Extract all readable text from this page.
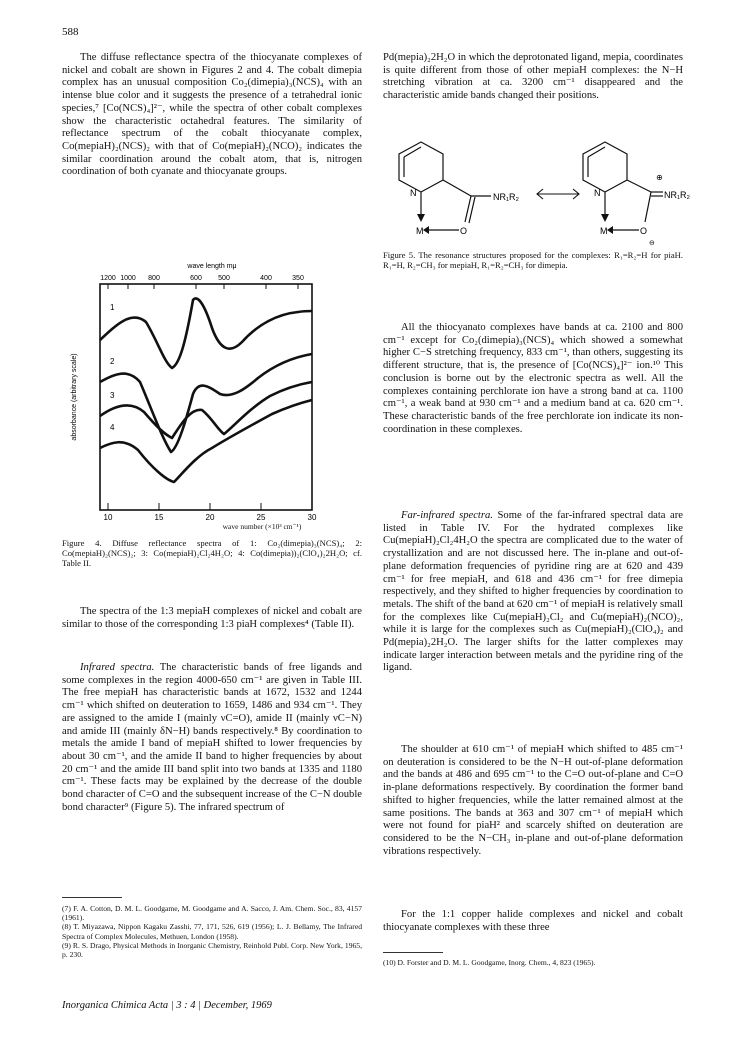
588

The diffuse reflectance spectra of the thiocyanate complexes of nickel and cobalt are shown in Figures 2 and 4. The cobalt dimepia complex has an unusual composition Co₂(dimepia)₃(NCS)₄ with an intense blue color and it suggests the presence of a tetrahedral ionic species,⁷ [Co(NCS)₄]²⁻, while the spectra of other cobalt complexes show the characteristic octahedral features. The similarity of reflectance spectrum of the cobalt thiocyanate complex, Co(mepiaH)₂(NCS)₂ with that of Co(mepiaH)₂(NCO)₂ indicates the similar coordination around the cobalt atom, that is, nitrogen coordination of both cyanate and thiocyanate groups.

wave length mμ
1200 1000 800	600 500	400	350
absorbance (arbitrary scale)
1
2
3
4
10	15	20	25	30
wave number (×10³ cm⁻¹)
Figure 4. Diffuse reflectance spectra of 1: Co₂(dimepia)₃(NCS)₄; 2: Co(mepiaH)₂(NCS)₂; 3: Co(mepiaH)₂Cl₂4H₂O; 4: Co(dimepia))₂(ClO₄)₂2H₂O; cf. Table II.

The spectra of the 1:3 mepiaH complexes of nickel and cobalt are similar to those of the corresponding 1:3 piaH complexes⁴ (Table II).

Infrared spectra. The characteristic bands of free ligands and some complexes in the region 4000-650 cm⁻¹ are given in Table III. The free mepiaH has characteristic bands at 1672, 1532 and 1244 cm⁻¹ which shifted on deuteration to 1659, 1486 and 934 cm⁻¹. They are assigned to the amide I (mainly νC=O), amide II (mainly νC−N) and amide III (mainly δN−H) bands respectively.⁸ By coordination to metals the amide I band of mepiaH shifted to lower frequencies by about 30 cm⁻¹, and the amide II band to higher frequencies by about 20 cm⁻¹ and the amide III band split into two bands at 1335 and 1180 cm⁻¹. These facts may be explained by the decrease of the double bond character of C=O and the subsequent increase of the C−N double bond character⁹ (Figure 5). The infrared spectrum of

(7) F. A. Cotton, D. M. L. Goodgame, M. Goodgame and A. Sacco, J. Am. Chem. Soc., 83, 4157 (1961).

(8) T. Miyazawa, Nippon Kagaku Zasshi, 77, 171, 526, 619 (1956); L. J. Bellamy, The Infrared Spectra of Complex Molecules, Methuen, London (1958).

(9) R. S. Drago, Physical Methods in Inorganic Chemistry, Reinhold Publ. Corp. New York, 1965, p. 230.

Pd(mepia)₂2H₂O in which the deprotonated ligand, mepia, coordinates is quite different from those of other mepiaH complexes: the N−H stretching vibration at ca. 3200 cm⁻¹ disappeared and the characteristic amide bands changed their positions.

N	NR₁R₂
M	O
N
⊕
NR₁R₂
M	O
⊖
Figure 5. The resonance structures proposed for the complexes: R₁=R₂=H for piaH. R₁=H, R₂=CH₃ for mepiaH, R₁=R₂=CH₃ for dimepia.

All the thiocyanato complexes have bands at ca. 2100 and 800 cm⁻¹ except for Co₂(dimepia)₃(NCS)₄ which showed a somewhat higher C−S stretching frequency, 833 cm⁻¹, than others, suggesting its different structure, that is, the presence of [Co(NCS)₄]²⁻ ion.¹⁰ This conclusion is borne out by the electronic spectra as well. All the complexes containing perchlorate ion have a strong band at ca. 1100 cm⁻¹, a weak band at 930 cm⁻¹ and a medium band at ca. 620 cm⁻¹. These characteristic bands of the free perchlorate ion indicate its non-coordination in these complexes.

Far-infrared spectra. Some of the far-infrared spectral data are listed in Table IV. For the hydrated complexes like Cu(mepiaH)₂Cl₂4H₂O the spectra are complicated due to the water of crystallization and are not discussed here. The in-plane and out-of-plane deformation frequencies of pyridine ring are at 620 and 439 cm⁻¹ for free mepiaH, and 618 and 436 cm⁻¹ for free dimepia respectively, and they shifted to higher frequencies by coordination to metals. The shift of the band at 620 cm⁻¹ of mepiaH is relatively small for the complexes like Cu(mepiaH)₂Cl₂ and Cu(mepiaH)₂(NCO)₂, while it is large for the complexes such as Cu(mepiaH)₂(ClO₄)₂ and Pd(mepia)₂2H₂O. The larger shifts for the latter complexes may indicate larger interaction between metals and the pyridine ring of the ligand.

The shoulder at 610 cm⁻¹ of mepiaH which shifted to 485 cm⁻¹ on deuteration is considered to be the N−H out-of-plane deformation and the bands at 486 and 695 cm⁻¹ to the C=O out-of-plane and C=O in-plane deformations respectively. By coordination the former band shifted to higher frequencies, while the latter remained almost at the same positions. The bands at 363 and 307 cm⁻¹ of mepiaH which were not found for piaH² and scarcely shifted on deuteration are considered to be the N−CH₃ in-plane and out-of-plane deformation vibrations respectively.

For the 1:1 copper halide complexes and nickel and cobalt thiocyanate complexes with these three

(10) D. Forster and D. M. L. Goodgame, Inorg. Chem., 4, 823 (1965).

Inorganica Chimica Acta | 3 : 4 | December, 1969
